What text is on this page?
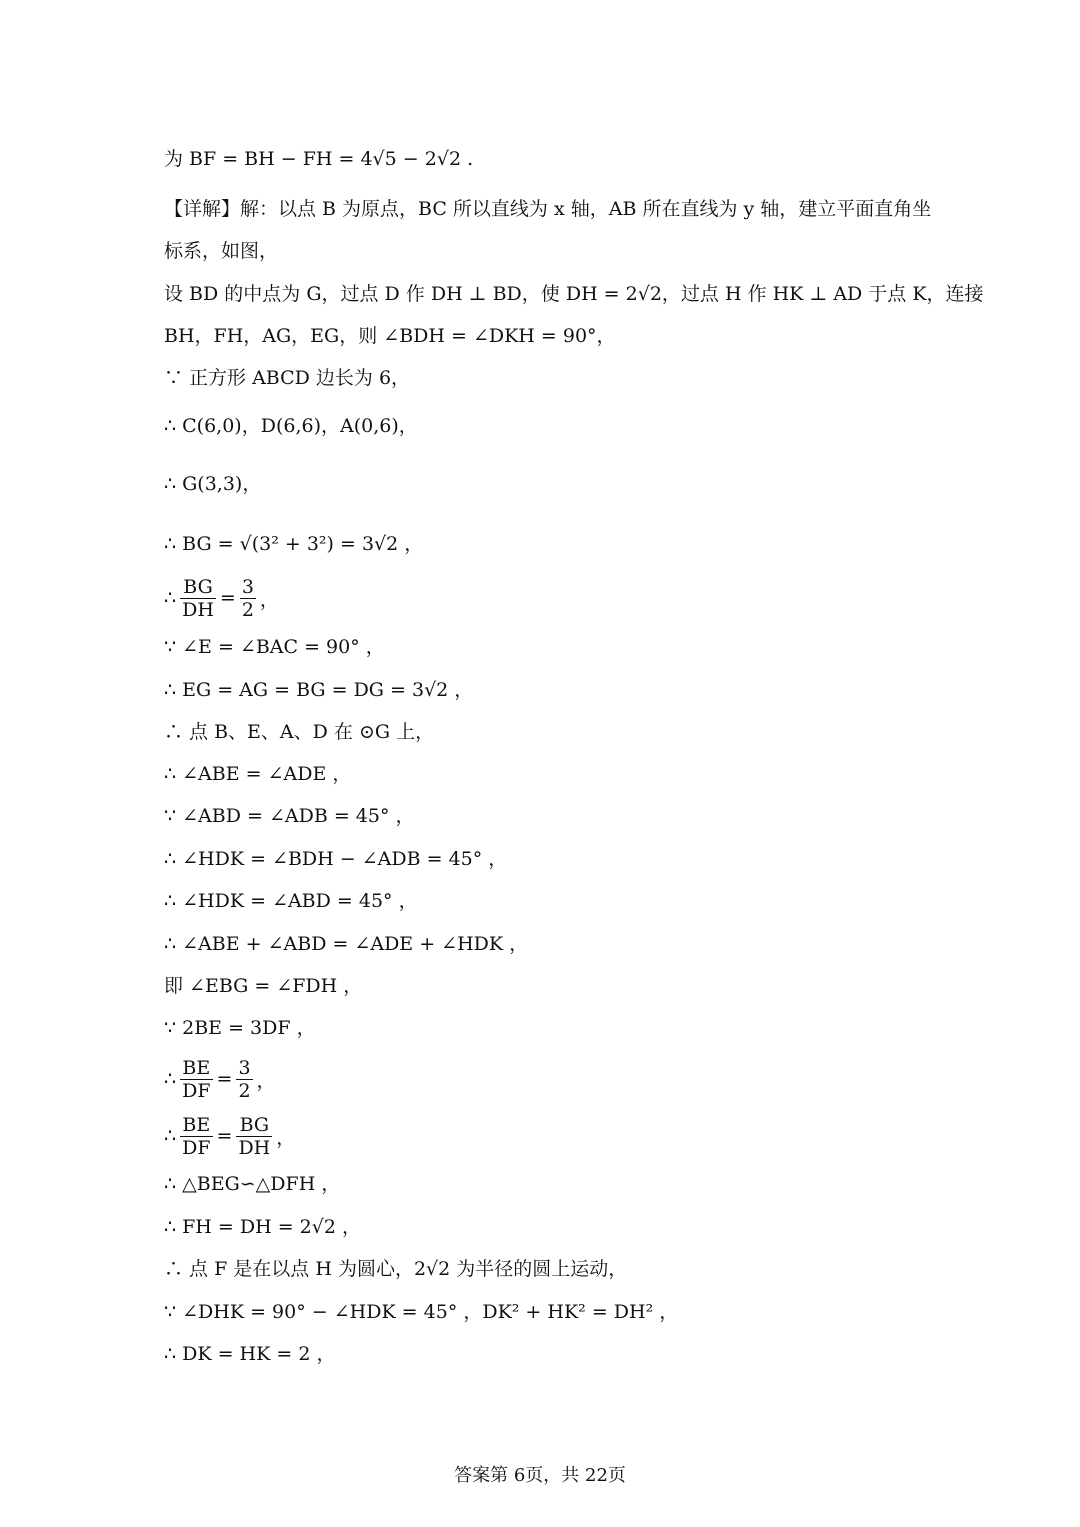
为 BF = BH − FH = 4√5 − 2√2 .
【详解】解：以点 B 为原点，BC 所以直线为 x 轴，AB 所在直线为 y 轴，建立平面直角坐
标系，如图，
设 BD 的中点为 G，过点 D 作 DH ⊥ BD，使 DH = 2√2，过点 H 作 HK ⊥ AD 于点 K，连接
BH，FH，AG，EG，则 ∠BDH = ∠DKH = 90°，
∵ 正方形 ABCD 边长为 6，
∴ C(6,0)，D(6,6)，A(0,6)，
∴ G(3,3)，
∴ BG = √(3² + 3²) = 3√2 ，
∴ $\frac{BG}{DH} = \frac{3}{2}$ ，
∵ ∠E = ∠BAC = 90° ，
∴ EG = AG = BG = DG = 3√2 ，
∴ 点 B、E、A、D 在 ⊙G 上，
∴ ∠ABE = ∠ADE ，
∵ ∠ABD = ∠ADB = 45° ，
∴ ∠HDK = ∠BDH − ∠ADB = 45° ，
∴ ∠HDK = ∠ABD = 45° ，
∴ ∠ABE + ∠ABD = ∠ADE + ∠HDK ，
即 ∠EBG = ∠FDH ，
∵ 2BE = 3DF ，
∴ $\frac{BE}{DF} = \frac{3}{2}$ ，
∴ $\frac{BE}{DF} = \frac{BG}{DH}$ ，
∴ △BEG∽△DFH ，
∴ FH = DH = 2√2 ，
∴ 点 F 是在以点 H 为圆心，2√2 为半径的圆上运动，
∵ ∠DHK = 90° − ∠HDK = 45° ，DK² + HK² = DH² ，
∴ DK = HK = 2 ，
答案第 6页，共 22页
